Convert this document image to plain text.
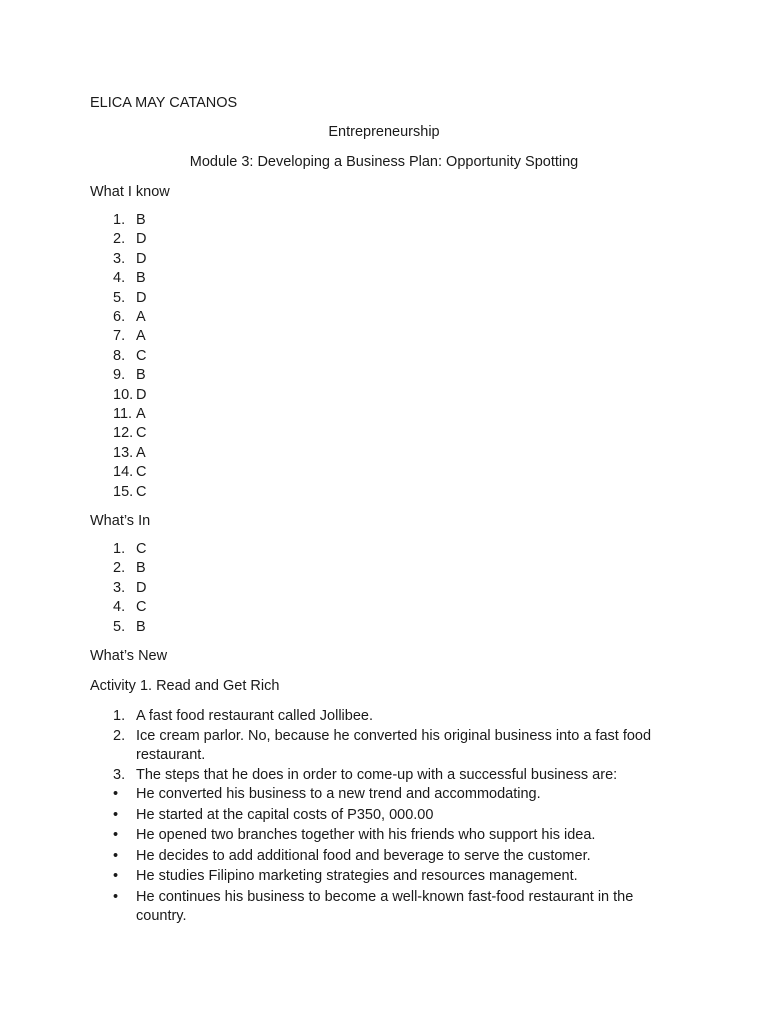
ELICA MAY CATANOS
Entrepreneurship
Module 3: Developing a Business Plan: Opportunity Spotting
What I know
1. B
2. D
3. D
4. B
5. D
6. A
7. A
8. C
9. B
10. D
11. A
12. C
13. A
14. C
15. C
What’s In
1. C
2. B
3. D
4. C
5. B
What’s New
Activity 1. Read and Get Rich
1. A fast food restaurant called Jollibee.
2. Ice cream parlor. No, because he converted his original business into a fast food
restaurant.
3. The steps that he does in order to come-up with a successful business are:
• He converted his business to a new trend and accommodating.
• He started at the capital costs of P350, 000.00
• He opened two branches together with his friends who support his idea.
• He decides to add additional food and beverage to serve the customer.
• He studies Filipino marketing strategies and resources management.
• He continues his business to become a well-known fast-food restaurant in the
country.
